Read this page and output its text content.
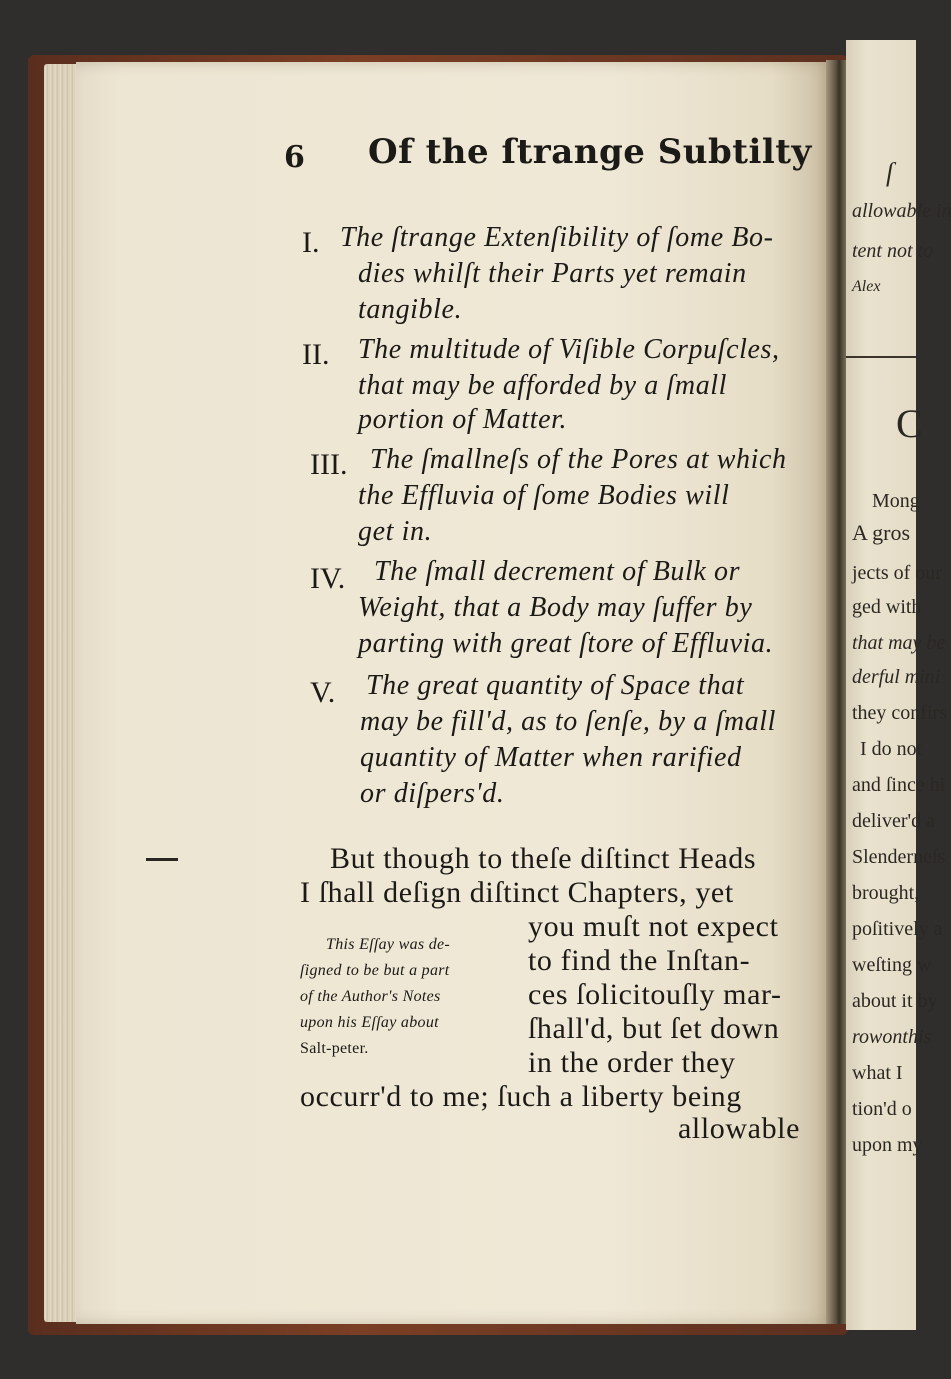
ſ
allowable in
tent not to
Alex
C
Mong
A gros
jects of our
ged with
that may be
derful mini
they confirs
I do not
and ſince hi
deliver'd a
Slenderneſs
brought,
poſitively a
weſting w
about it by
rowonthis
what I
tion'd o
upon my
6 Of the ſtrange Subtilty
I. The ſtrange Extenſibility of ſome Bo-
dies whilſt their Parts yet remain
tangible.
II. The multitude of Viſible Corpuſcles,
that may be afforded by a ſmall
portion of Matter.
III. The ſmallneſs of the Pores at which
the Effluvia of ſome Bodies will
get in.
IV. The ſmall decrement of Bulk or
Weight, that a Body may ſuffer by
parting with great ſtore of Effluvia.
V. The great quantity of Space that
may be fill'd, as to ſenſe, by a ſmall
quantity of Matter when rarified
or diſpers'd.
But though to theſe diſtinct Heads
I ſhall deſign diſtinct Chapters, yet
you muſt not expect
to find the Inſtan-
ces ſolicitouſly mar-
ſhall'd, but ſet down
in the order they
occurr'd to me; ſuch a liberty being
allowable
This Eſſay was de-
ſigned to be but a part
of the Author's Notes
upon his Eſſay about
Salt-peter.
